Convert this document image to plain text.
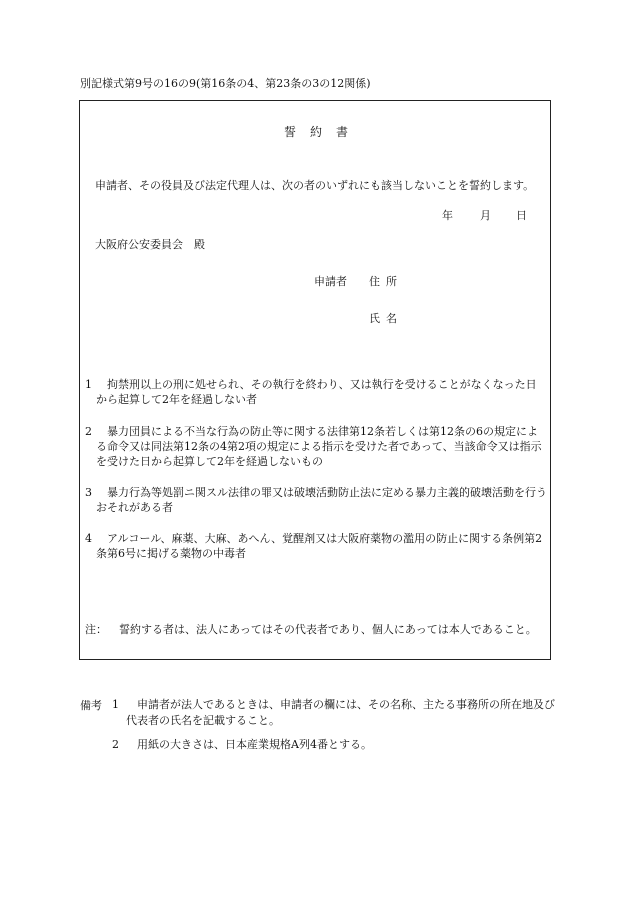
別記様式第9号の16の9(第16条の4、第23条の3の12関係)
誓約書
申請者、その役員及び法定代理人は、次の者のいずれにも該当しないことを誓約します。
年 月 日
大阪府公安委員会　殿
申請者 住所
氏名
1　 拘禁刑以上の刑に処せられ、その執行を終わり、又は執行を受けることがなくなった日から起算して2年を経過しない者
2　 暴力団員による不当な行為の防止等に関する法律第12条若しくは第12条の6の規定による命令又は同法第12条の4第2項の規定による指示を受けた者であって、当該命令又は指示を受けた日から起算して2年を経過しないもの
3　 暴力行為等処罰ニ関スル法律の罪又は破壊活動防止法に定める暴力主義的破壊活動を行うおそれがある者
4　 アルコール、麻薬、大麻、あへん、覚醒剤又は大阪府薬物の濫用の防止に関する条例第2条第6号に掲げる薬物の中毒者
注： 誓約する者は、法人にあってはその代表者であり、個人にあっては本人であること。
備考 1　 申請者が法人であるときは、申請者の欄には、その名称、主たる事務所の所在地及び代表者の氏名を記載すること。
2　 用紙の大きさは、日本産業規格A列4番とする。
